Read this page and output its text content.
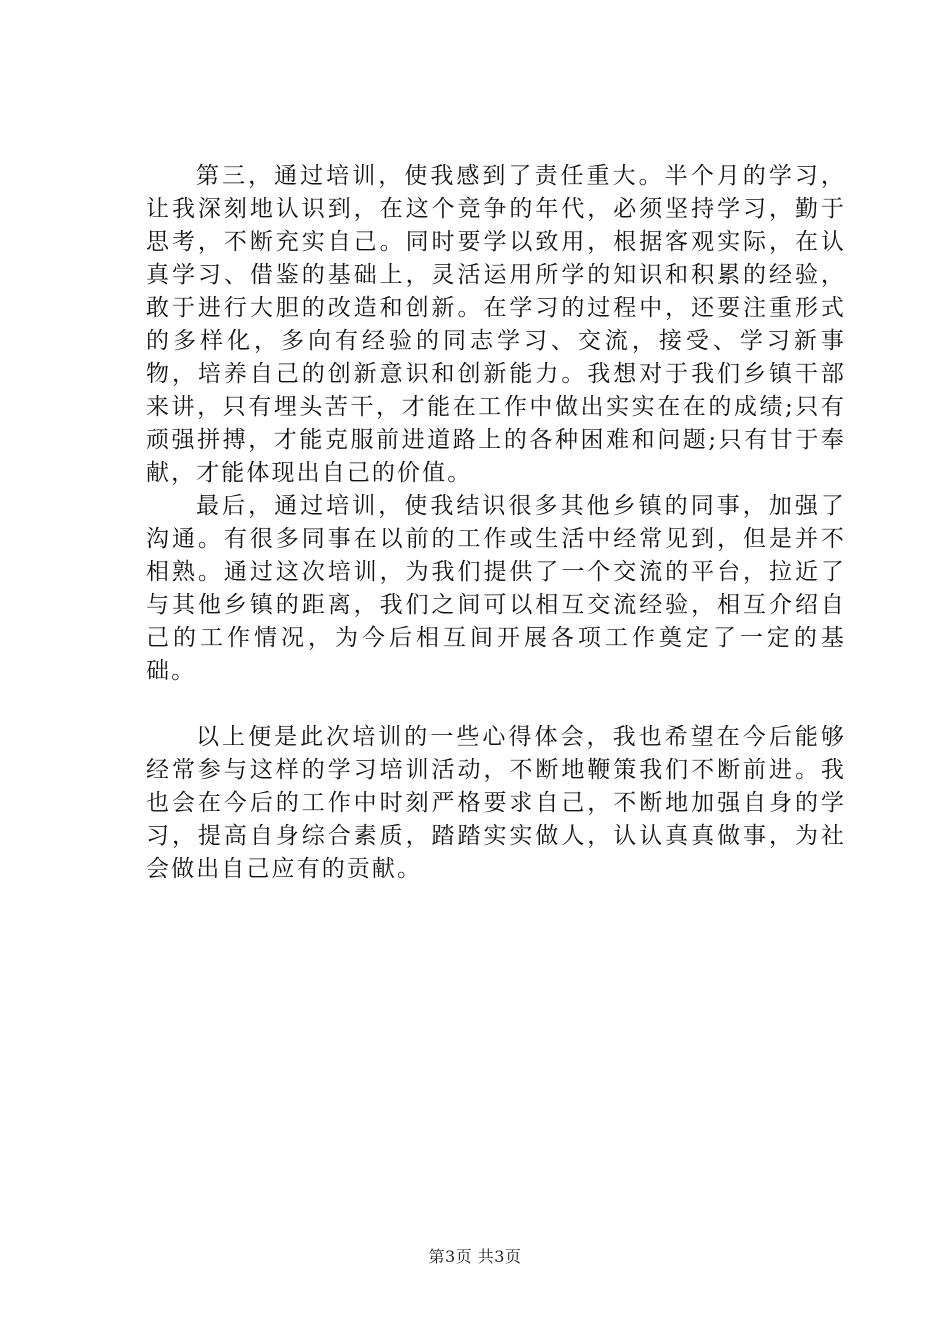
第三，通过培训，使我感到了责任重大。半个月的学习，让我深刻地认识到，在这个竞争的年代，必须坚持学习，勤于思考，不断充实自己。同时要学以致用，根据客观实际，在认真学习、借鉴的基础上，灵活运用所学的知识和积累的经验，敢于进行大胆的改造和创新。在学习的过程中，还要注重形式的多样化，多向有经验的同志学习、交流，接受、学习新事物，培养自己的创新意识和创新能力。我想对于我们乡镇干部来讲，只有埋头苦干，才能在工作中做出实实在在的成绩;只有顽强拼搏，才能克服前进道路上的各种困难和问题;只有甘于奉献，才能体现出自己的价值。

最后，通过培训，使我结识很多其他乡镇的同事，加强了沟通。有很多同事在以前的工作或生活中经常见到，但是并不相熟。通过这次培训，为我们提供了一个交流的平台，拉近了与其他乡镇的距离，我们之间可以相互交流经验，相互介绍自己的工作情况，为今后相互间开展各项工作奠定了一定的基础。

以上便是此次培训的一些心得体会，我也希望在今后能够经常参与这样的学习培训活动，不断地鞭策我们不断前进。我也会在今后的工作中时刻严格要求自己，不断地加强自身的学习，提高自身综合素质，踏踏实实做人，认认真真做事，为社会做出自己应有的贡献。

第3页 共3页
